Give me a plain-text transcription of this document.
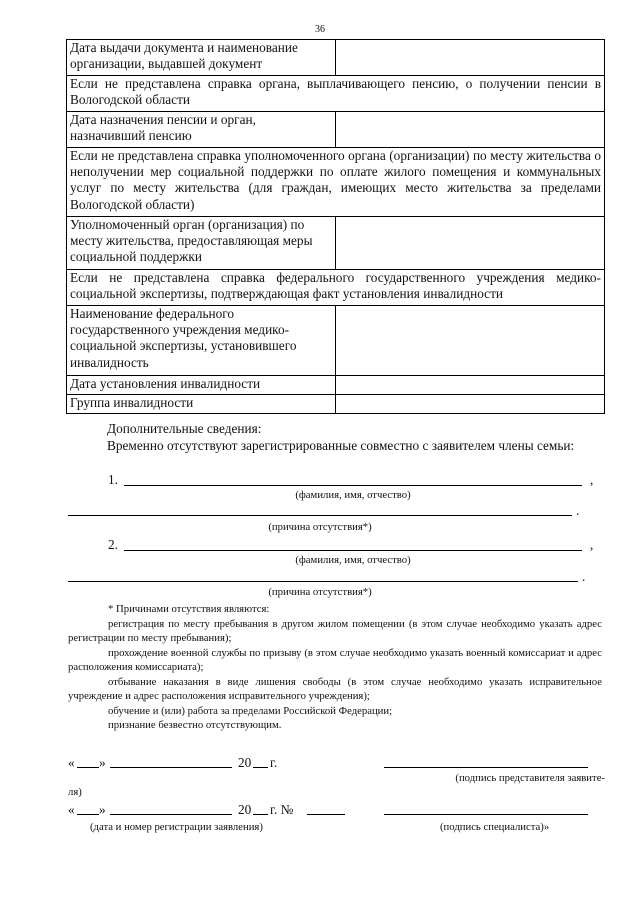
36
Дата выдачи документа и наименование организации, выдавшей документ	
Если не представлена справка органа, выплачивающего пенсию, о получении пенсии в Вологодской области	
Дата назначения пенсии и орган, назначивший пенсию	
Если не представлена справка уполномоченного органа (организации) по месту жительства о неполучении мер социальной поддержки по оплате жилого помещения и коммунальных услуг по месту жительства (для граждан, имеющих место жительства за пределами Вологодской области)	
Уполномоченный орган (организация) по месту жительства, предоставляющая меры социальной поддержки	
Если не представлена справка федерального государственного учреждения медико-социальной экспертизы, подтверждающая факт установления инвалидности	
Наименование федерального государственного учреждения медико-социальной экспертизы, установившего инвалидность	
Дата установления инвалидности	
Группа инвалидности	
Дополнительные сведения:
Временно отсутствуют зарегистрированные совместно с заявителем члены семьи:
1.	,
(фамилия, имя, отчество)
.
(причина отсутствия*)
2.	,
(фамилия, имя, отчество)
.
(причина отсутствия*)

* Причинами отсутствия являются:

регистрация по месту пребывания в другом жилом помещении (в этом случае необходимо указать адрес регистрации по месту пребывания);

прохождение военной службы по призыву (в этом случае необходимо указать военный комиссариат и адрес расположения комиссариата);

отбывание наказания в виде лишения свободы (в этом случае необходимо указать исправительное учреждение и адрес расположения исправительного учреждения);

обучение и (или) работа за пределами Российской Федерации;

признание безвестно отсутствующим.

« »	20 г.
(подпись представителя заявите-
ля)
« »	20 г. №
(дата и номер регистрации заявления)	(подпись специалиста)»
